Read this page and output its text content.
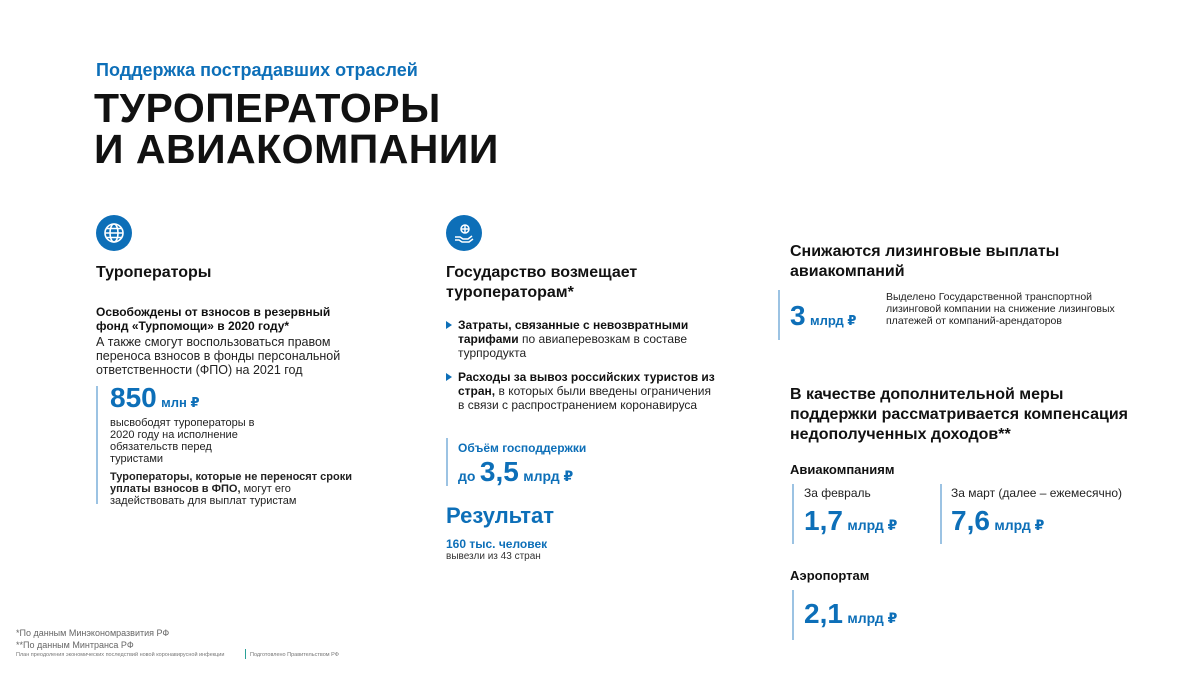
Поддержка пострадавших отраслей
ТУРОПЕРАТОРЫ
И АВИАКОМПАНИИ
Туроператоры
Освобождены от взносов в резервный фонд «Турпомощи» в 2020 году*
А также смогут воспользоваться правом переноса взносов в фонды персональной ответственности (ФПО) на 2021 год
850 млн ₽
высвободят туроператоры в 2020 году на исполнение обязательств перед туристами
Туроператоры, которые не переносят сроки уплаты взносов в ФПО, могут его задействовать для выплат туристам
Государство возмещает туроператорам*
Затраты, связанные с невозвратными тарифами по авиаперевозкам в составе турпродукта
Расходы за вывоз российских туристов из стран, в которых были введены ограничения в связи с распространением коронавируса
Объём господдержки
до 3,5 млрд ₽
Результат
160 тыс. человек
вывезли из 43 стран
Снижаются лизинговые выплаты авиакомпаний
3 млрд ₽
Выделено Государственной транспортной лизинговой компании на снижение лизинговых платежей от компаний-арендаторов
В качестве дополнительной меры поддержки рассматривается компенсация недополученных доходов**
Авиакомпаниям
За февраль
1,7 млрд ₽
За март (далее – ежемесячно)
7,6 млрд ₽
Аэропортам
2,1 млрд ₽
*По данным Минэкономразвития РФ
**По данным Минтранса РФ
План преодоления экономических последствий новой коронавирусной инфекции	Подготовлено Правительством РФ
